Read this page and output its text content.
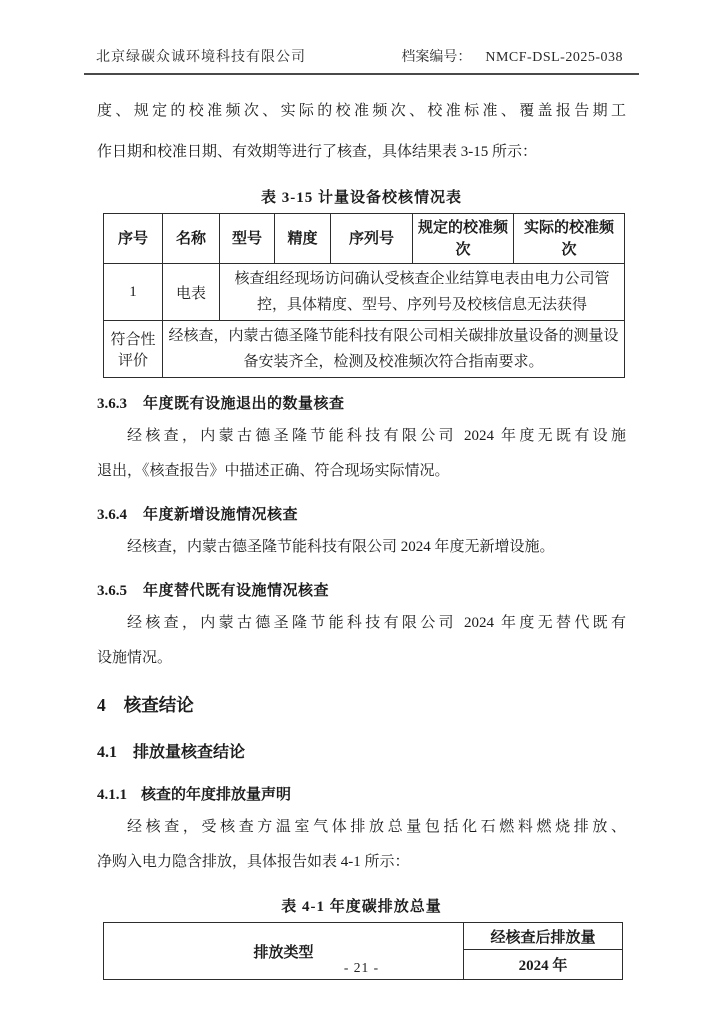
北京绿碳众诚环境科技有限公司	档案编号： NMCF-DSL-2025-038
度、规定的校准频次、实际的校准频次、校准标准、覆盖报告期工
作日期和校准日期、有效期等进行了核查，具体结果表 3-15 所示：
表 3-15 计量设备校核情况表
序号	名称	型号	精度	序列号	规定的校准频次	实际的校准频次
1	电表	核查组经现场访问确认受核查企业结算电表由电力公司管控，具体精度、型号、序列号及校核信息无法获得				
符合性评价	经核查，内蒙古德圣隆节能科技有限公司相关碳排放量设备的测量设备安装齐全，检测及校准频次符合指南要求。					
3.6.3 年度既有设施退出的数量核查
经核查，内蒙古德圣隆节能科技有限公司 2024 年度无既有设施
退出，《核查报告》中描述正确、符合现场实际情况。
3.6.4 年度新增设施情况核查
经核查，内蒙古德圣隆节能科技有限公司 2024 年度无新增设施。
3.6.5 年度替代既有设施情况核查
经核查，内蒙古德圣隆节能科技有限公司 2024 年度无替代既有
设施情况。
4 核查结论
4.1 排放量核查结论
4.1.1 核查的年度排放量声明
经核查，受核查方温室气体排放总量包括化石燃料燃烧排放、
净购入电力隐含排放，具体报告如表 4-1 所示：
表 4-1 年度碳排放总量
排放类型	经核查后排放量
2024 年
- 21 -
